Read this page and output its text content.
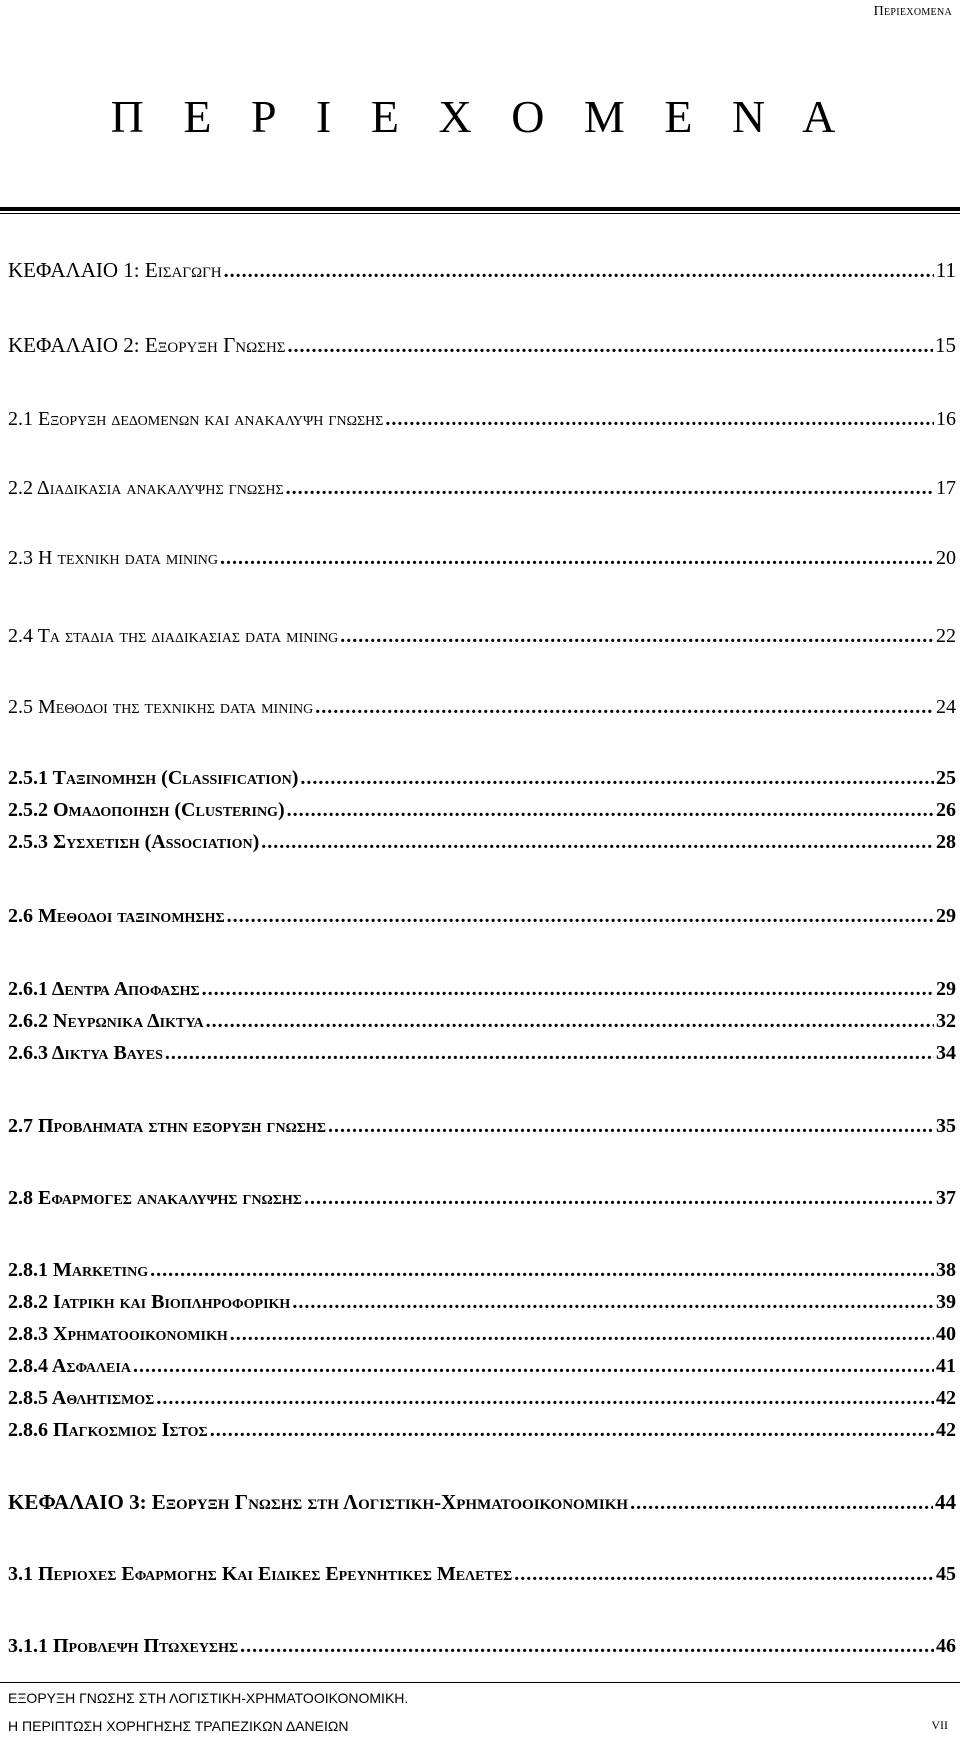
Περιεχομενα
Π Ε Ρ Ι Ε Χ Ο Μ Ε Ν Α
ΚΕΦΑΛΑΙΟ 1: Εισαγωγη .....	11
ΚΕΦΑΛΑΙΟ 2: Εξορυξη Γνωσης .....	15
2.1 Εξορυξη δεδομενων και ανακαλυψη γνωσης .....	16
2.2 Διαδικασια ανακαλυψης γνωσης .....	17
2.3 Η τεχνικη data mining .....	20
2.4 Τα σταδια της διαδικασιας data mining .....	22
2.5 Μεθοδοι της τεχνικης data mining .....	24
2.5.1 Ταξινομηση (Classification) .....	25
2.5.2 Ομαδοποιηση (Clustering) .....	26
2.5.3 Συσχετιση (Association) .....	28
2.6 Μεθοδοι ταξινομησης .....	29
2.6.1 Δεντρα Αποφασης .....	29
2.6.2 Νευρωνικα Δικτυα .....	32
2.6.3 Δικτυα Bayes .....	34
2.7 Προβληματα στην εξορυξη γνωσης .....	35
2.8 Εφαρμογες ανακαλυψης γνωσης .....	37
2.8.1 Marketing .....	38
2.8.2 Ιατρικη και Βιοπληροφορικη .....	39
2.8.3 Χρηματοοικονομικη .....	40
2.8.4 Ασφαλεια .....	41
2.8.5 Αθλητισμος .....	42
2.8.6 Παγκοσμιος Ιστος .....	42
ΚΕΦΑΛΑΙΟ 3: Εξορυξη Γνωσης στη Λογιστικη-Χρηματοοικονομικη .....	44
3.1 Περιοχες Εφαρμογης Και Ειδικες Ερευνητικες Μελετες .....	45
3.1.1 Προβλεψη Πτωχευσης .....	46
ΕΞΟΡΥΞΗ ΓΝΩΣΗΣ ΣΤΗ ΛΟΓΙΣΤΙΚΗ-ΧΡΗΜΑΤΟΟΙΚΟΝΟΜΙΚΗ.
Η ΠΕΡΙΠΤΩΣΗ ΧΟΡΗΓΗΣΗΣ ΤΡΑΠΕΖΙΚΩΝ ΔΑΝΕΙΩΝ	VII
